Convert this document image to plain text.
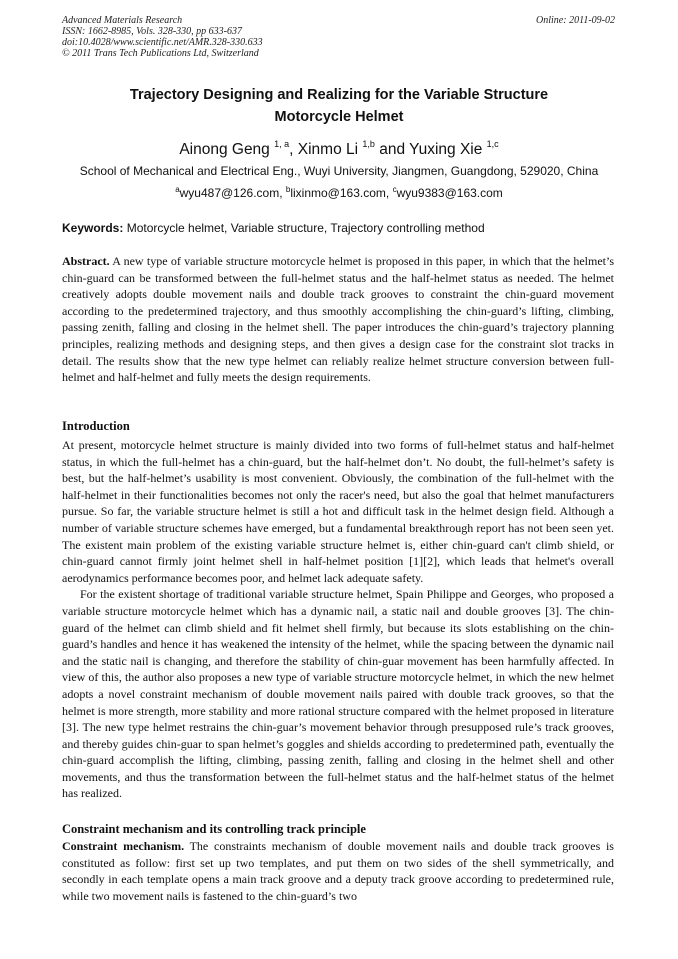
Advanced Materials Research
ISSN: 1662-8985, Vols. 328-330, pp 633-637
doi:10.4028/www.scientific.net/AMR.328-330.633
© 2011 Trans Tech Publications Ltd, Switzerland
Online: 2011-09-02
Trajectory Designing and Realizing for the Variable Structure
Motorcycle Helmet
Ainong Geng $^{1, a}$, Xinmo Li $^{1,b}$ and Yuxing Xie $^{1,c}$
School of Mechanical and Electrical Eng., Wuyi University, Jiangmen, Guangdong, 529020, China
$^a$wyu487@126.com, $^b$lixinmo@163.com, $^c$wyu9383@163.com
Keywords: Motorcycle helmet, Variable structure, Trajectory controlling method
Abstract. A new type of variable structure motorcycle helmet is proposed in this paper, in which that the helmet’s chin-guard can be transformed between the full-helmet status and the half-helmet status as needed. The helmet creatively adopts double movement nails and double track grooves to constraint the chin-guard movement according to the predetermined trajectory, and thus smoothly accomplishing the chin-guard’s lifting, climbing, passing zenith, falling and closing in the helmet shell. The paper introduces the chin-guard’s trajectory planning principles, realizing methods and designing steps, and then gives a design case for the constraint slot tracks in detail. The results show that the new type helmet can reliably realize helmet structure conversion between full-helmet and half-helmet and fully meets the design requirements.
Introduction

At present, motorcycle helmet structure is mainly divided into two forms of full-helmet status and half-helmet status, in which the full-helmet has a chin-guard, but the half-helmet don’t. No doubt, the full-helmet’s safety is best, but the half-helmet’s usability is most convenient. Obviously, the combination of the full-helmet with the half-helmet in their functionalities becomes not only the racer's need, but also the goal that helmet manufacturers pursue. So far, the variable structure helmet is still a hot and difficult task in the helmet design field. Although a number of variable structure schemes have emerged, but a fundamental breakthrough report has not been seen yet. The existent main problem of the existing variable structure helmet is, either chin-guard can't climb shield, or chin-guard cannot firmly joint helmet shell in half-helmet position [1][2], which leads that helmet's overall aerodynamics performance becomes poor, and helmet lack adequate safety.

For the existent shortage of traditional variable structure helmet, Spain Philippe and Georges, who proposed a variable structure motorcycle helmet which has a dynamic nail, a static nail and double grooves [3]. The chin-guard of the helmet can climb shield and fit helmet shell firmly, but because its slots establishing on the chin-guard’s handles and hence it has weakened the intensity of the helmet, while the spacing between the dynamic nail and the static nail is changing, and therefore the stability of chin-guar movement has been harmfully affected. In view of this, the author also proposes a new type of variable structure motorcycle helmet, in which the new helmet adopts a novel constraint mechanism of double movement nails paired with double track grooves, so that the helmet is more strength, more stability and more rational structure compared with the helmet proposed in literature [3]. The new type helmet restrains the chin-guar’s movement behavior through presupposed rule’s track grooves, and thereby guides chin-guar to span helmet’s goggles and shields according to predetermined path, eventually the chin-guard accomplish the lifting, climbing, passing zenith, falling and closing in the helmet shell and other movements, and thus the transformation between the full-helmet status and the half-helmet status of the helmet has realized.

Constraint mechanism and its controlling track principle
Constraint mechanism. The constraints mechanism of double movement nails and double track grooves is constituted as follow: first set up two templates, and put them on two sides of the shell symmetrically, and secondly in each template opens a main track groove and a deputy track groove according to predetermined rule, while two movement nails is fastened to the chin-guard’s two
